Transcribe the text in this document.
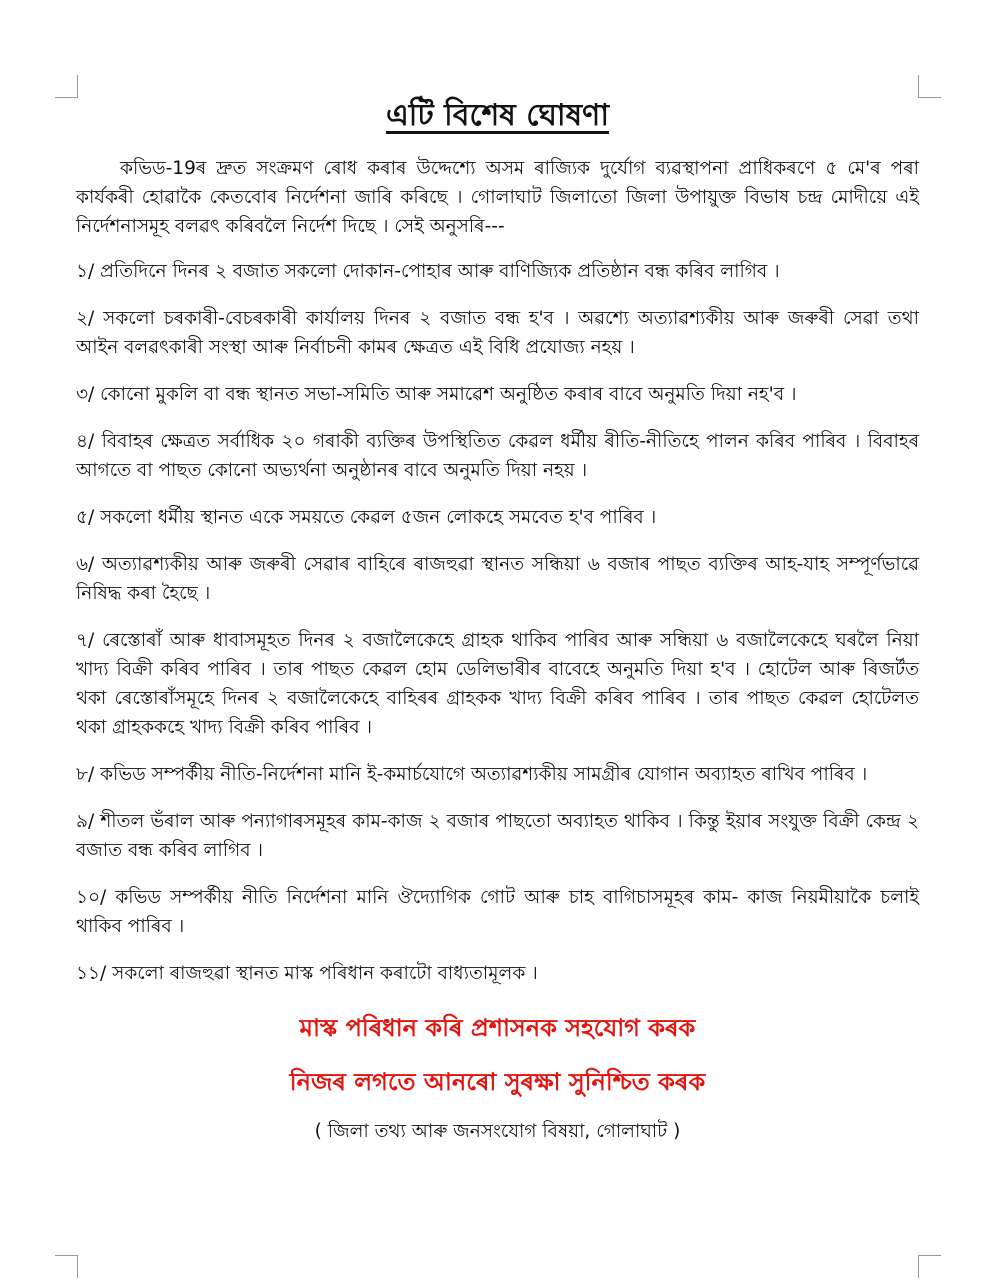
এটি বিশেষ ঘোষণা

কভিড-19ৰ দ্ৰুত সংক্ৰমণ ৰোধ কৰাৰ উদ্দেশ্যে অসম ৰাজ্যিক দুৰ্যোগ ব্যৱস্থাপনা প্ৰাধিকৰণে ৫ মে'ৰ পৰা কাৰ্যকৰী হোৱাকৈ কেতবোৰ নিৰ্দেশনা জাৰি কৰিছে । গোলাঘাট জিলাতো জিলা উপায়ুক্ত বিভাষ চন্দ্ৰ মোদীয়ে এই নিৰ্দেশনাসমূহ বলৱৎ কৰিবলৈ নিৰ্দেশ দিছে । সেই অনুসৰি---

১/ প্ৰতিদিনে দিনৰ ২ বজাত সকলো দোকান-পোহাৰ আৰু বাণিজ্যিক প্ৰতিষ্ঠান বন্ধ কৰিব লাগিব ।

২/ সকলো চৰকাৰী-বেচৰকাৰী কাৰ্যালয় দিনৰ ২ বজাত বন্ধ হ'ব । অৱশ্যে অত্যাৱশ্যকীয় আৰু জৰুৰী সেৱা তথা আইন বলৱৎকাৰী সংস্থা আৰু নিৰ্বাচনী কামৰ ক্ষেত্ৰত এই বিধি প্ৰযোজ্য নহয় ।

৩/ কোনো মুকলি বা বন্ধ স্থানত সভা-সমিতি আৰু সমাৱেশ অনুষ্ঠিত কৰাৰ বাবে অনুমতি দিয়া নহ'ব ।

৪/ বিবাহৰ ক্ষেত্ৰত সৰ্বাধিক ২০ গৰাকী ব্যক্তিৰ উপস্থিতিত কেৱল ধৰ্মীয় ৰীতি-নীতিহে পালন কৰিব পাৰিব । বিবাহৰ আগতে বা পাছত কোনো অভ্যৰ্থনা অনুষ্ঠানৰ বাবে অনুমতি দিয়া নহয় ।

৫/ সকলো ধৰ্মীয় স্থানত একে সময়তে কেৱল ৫জন লোকহে সমবেত হ'ব পাৰিব ।

৬/ অত্যাৱশ্যকীয় আৰু জৰুৰী সেৱাৰ বাহিৰে ৰাজহুৱা স্থানত সন্ধিয়া ৬ বজাৰ পাছত ব্যক্তিৰ আহ-যাহ সম্পূৰ্ণভাৱে নিষিদ্ধ কৰা হৈছে ।

৭/ ৰেস্তোৰাঁ আৰু ধাবাসমূহত দিনৰ ২ বজালৈকেহে গ্ৰাহক থাকিব পাৰিব আৰু সন্ধিয়া ৬ বজালৈকেহে ঘৰলৈ নিয়া খাদ্য বিক্ৰী কৰিব পাৰিব । তাৰ পাছত কেৱল হোম ডেলিভাৰীৰ বাবেহে অনুমতি দিয়া হ'ব । হোটেল আৰু ৰিজৰ্টত থকা ৰেস্তোৰাঁসমূহে দিনৰ ২ বজালৈকেহে বাহিৰৰ গ্ৰাহকক খাদ্য বিক্ৰী কৰিব পাৰিব । তাৰ পাছত কেৱল হোটেলত থকা গ্ৰাহককহে খাদ্য বিক্ৰী কৰিব পাৰিব ।

৮/ কভিড সম্পৰ্কীয় নীতি-নিৰ্দেশনা মানি ই-কমাৰ্চযোগে অত্যাৱশ্যকীয় সামগ্ৰীৰ যোগান অব্যাহত ৰাখিব পাৰিব ।

৯/ শীতল ভঁৰাল আৰু পন্যাগাৰসমূহৰ কাম-কাজ ২ বজাৰ পাছতো অব্যাহত থাকিব । কিন্তু ইয়াৰ সংযুক্ত বিক্ৰী কেন্দ্ৰ ২ বজাত বন্ধ কৰিব লাগিব ।

১০/ কভিড সম্পৰ্কীয় নীতি নিৰ্দেশনা মানি ঔদ্যোগিক গোট আৰু চাহ বাগিচাসমূহৰ কাম- কাজ নিয়মীয়াকৈ চলাই থাকিব পাৰিব ।

১১/ সকলো ৰাজহুৱা স্থানত মাস্ক পৰিধান কৰাটো বাধ্যতামূলক ।

মাস্ক পৰিধান কৰি প্ৰশাসনক সহযোগ কৰক

নিজৰ লগতে আনৰো সুৰক্ষা সুনিশ্চিত কৰক

( জিলা তথ্য আৰু জনসংযোগ বিষয়া, গোলাঘাট )
